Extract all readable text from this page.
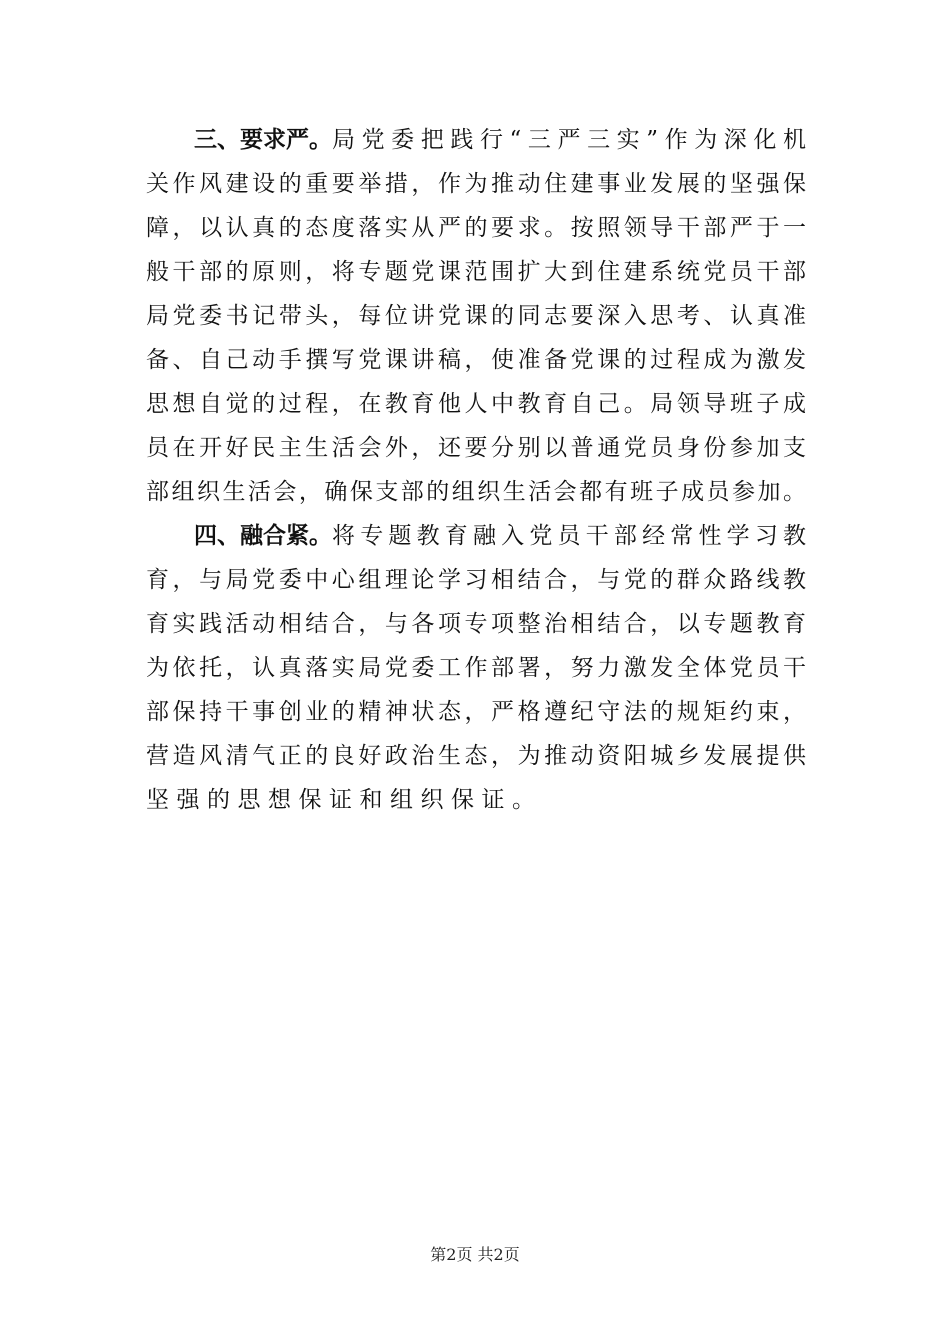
三、要求严。 局党委把践行“三严三实”作为深化机
关作风建设的重要举措，作为推动住建事业发展的坚强保
障，以认真的态度落实从严的要求。按照领导干部严于一
般干部的原则，将专题党课范围扩大到住建系统党员干部
局党委书记带头，每位讲党课的同志要深入思考、认真准
备、自己动手撰写党课讲稿，使准备党课的过程成为激发
思想自觉的过程，在教育他人中教育自己。局领导班子成
员在开好民主生活会外，还要分别以普通党员身份参加支
部组织生活会，确保支部的组织生活会都有班子成员参加。
四、融合紧。 将专题教育融入党员干部经常性学习教
育，与局党委中心组理论学习相结合，与党的群众路线教
育实践活动相结合，与各项专项整治相结合，以专题教育
为依托，认真落实局党委工作部署，努力激发全体党员干
部保持干事创业的精神状态，严格遵纪守法的规矩约束，
营造风清气正的良好政治生态，为推动资阳城乡发展提供
坚强的思想保证和组织保证。
第2页 共2页
